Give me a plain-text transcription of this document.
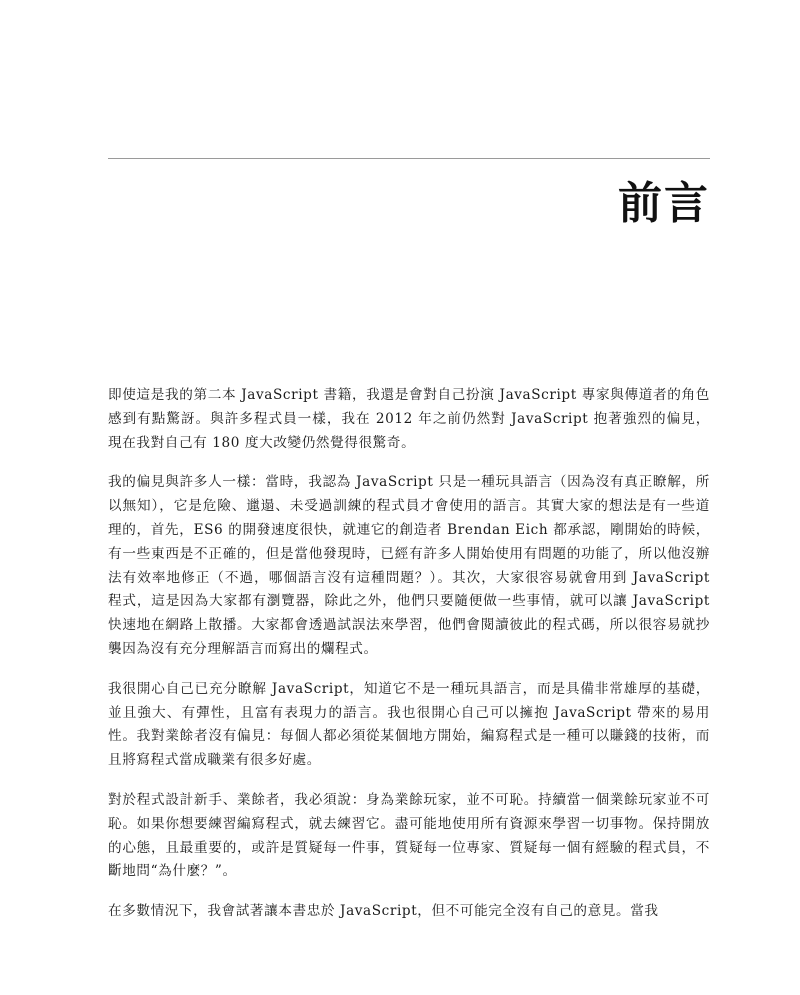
前言

即使這是我的第二本 JavaScript 書籍，我還是會對自己扮演 JavaScript 專家與傳道者的角色感到有點驚訝。與許多程式員一樣，我在 2012 年之前仍然對 JavaScript 抱著強烈的偏見，現在我對自己有 180 度大改變仍然覺得很驚奇。

我的偏見與許多人一樣：當時，我認為 JavaScript 只是一種玩具語言（因為沒有真正瞭解，所以無知），它是危險、邋遢、未受過訓練的程式員才會使用的語言。其實大家的想法是有一些道理的，首先，ES6 的開發速度很快，就連它的創造者 Brendan Eich 都承認，剛開始的時候，有一些東西是不正確的，但是當他發現時，已經有許多人開始使用有問題的功能了，所以他沒辦法有效率地修正（不過，哪個語言沒有這種問題？）。其次，大家很容易就會用到 JavaScript 程式，這是因為大家都有瀏覽器，除此之外，他們只要隨便做一些事情，就可以讓 JavaScript 快速地在網路上散播。大家都會透過試誤法來學習，他們會閱讀彼此的程式碼，所以很容易就抄襲因為沒有充分理解語言而寫出的爛程式。

我很開心自己已充分瞭解 JavaScript，知道它不是一種玩具語言，而是具備非常雄厚的基礎，並且強大、有彈性，且富有表現力的語言。我也很開心自己可以擁抱 JavaScript 帶來的易用性。我對業餘者沒有偏見：每個人都必須從某個地方開始，編寫程式是一種可以賺錢的技術，而且將寫程式當成職業有很多好處。

對於程式設計新手、業餘者，我必須說：身為業餘玩家，並不可恥。持續當一個業餘玩家並不可恥。如果你想要練習編寫程式，就去練習它。盡可能地使用所有資源來學習一切事物。保持開放的心態，且最重要的，或許是質疑每一件事，質疑每一位專家、質疑每一個有經驗的程式員，不斷地問“為什麼？”。

在多數情況下，我會試著讓本書忠於 JavaScript，但不可能完全沒有自己的意見。當我
